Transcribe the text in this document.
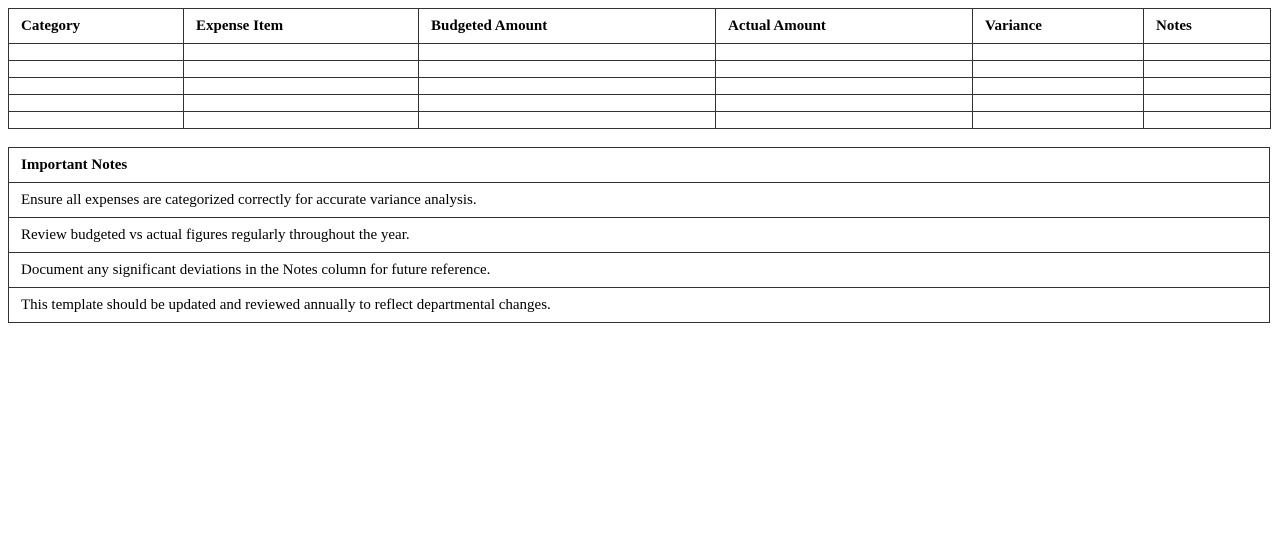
Category	Expense Item	Budgeted Amount	Actual Amount	Variance	Notes

Important Notes
Ensure all expenses are categorized correctly for accurate variance analysis.
Review budgeted vs actual figures regularly throughout the year.
Document any significant deviations in the Notes column for future reference.
This template should be updated and reviewed annually to reflect departmental changes.
